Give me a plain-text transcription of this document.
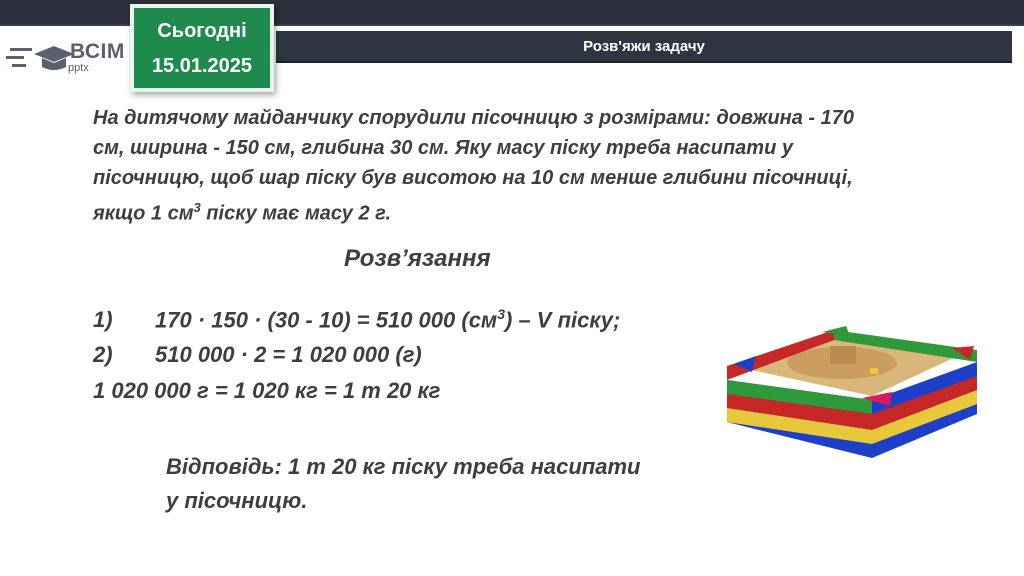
Розв'яжи задачу
ВСІМ
pptx
Сьогодні
15.01.2025
На дитячому майданчику спорудили пісочницю з розмірами: довжина - 170
см, ширина - 150 см, глибина 30 см. Яку масу піску треба насипати у
пісочницю, щоб шар піску був висотою на 10 см менше глибини пісочниці,
якщо 1 $см^3$ піску має масу 2 г.
Розв’язання
1) 170 · 150 · (30 - 10) = 510 000 $(см^3)$ – V піску;
2) 510 000 · 2 = 1 020 000 (г)
1 020 000 г = 1 020 кг = 1 т 20 кг
Відповідь: 1 т 20 кг піску треба насипати
у пісочницю.
